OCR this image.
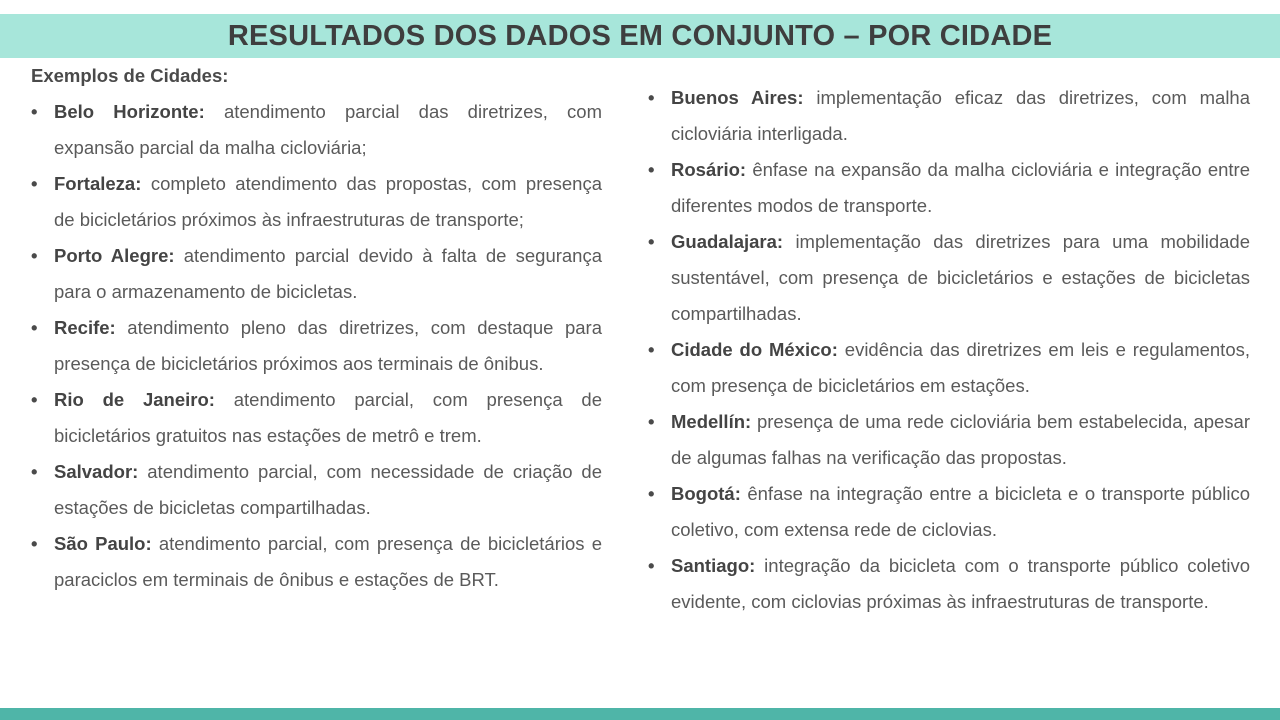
RESULTADOS DOS DADOS EM CONJUNTO – POR CIDADE

Exemplos de Cidades:

• Belo Horizonte: atendimento parcial das diretrizes, com expansão parcial da malha cicloviária;
• Fortaleza: completo atendimento das propostas, com presença de bicicletários próximos às infraestruturas de transporte;
• Porto Alegre: atendimento parcial devido à falta de segurança para o armazenamento de bicicletas.
• Recife: atendimento pleno das diretrizes, com destaque para presença de bicicletários próximos aos terminais de ônibus.
• Rio de Janeiro: atendimento parcial, com presença de bicicletários gratuitos nas estações de metrô e trem.
• Salvador: atendimento parcial, com necessidade de criação de estações de bicicletas compartilhadas.
• São Paulo: atendimento parcial, com presença de bicicletários e paraciclos em terminais de ônibus e estações de BRT.
• Buenos Aires: implementação eficaz das diretrizes, com malha cicloviária interligada.
• Rosário: ênfase na expansão da malha cicloviária e integração entre diferentes modos de transporte.
• Guadalajara: implementação das diretrizes para uma mobilidade sustentável, com presença de bicicletários e estações de bicicletas compartilhadas.
• Cidade do México: evidência das diretrizes em leis e regulamentos, com presença de bicicletários em estações.
• Medellín: presença de uma rede cicloviária bem estabelecida, apesar de algumas falhas na verificação das propostas.
• Bogotá: ênfase na integração entre a bicicleta e o transporte público coletivo, com extensa rede de ciclovias.
• Santiago: integração da bicicleta com o transporte público coletivo evidente, com ciclovias próximas às infraestruturas de transporte.
